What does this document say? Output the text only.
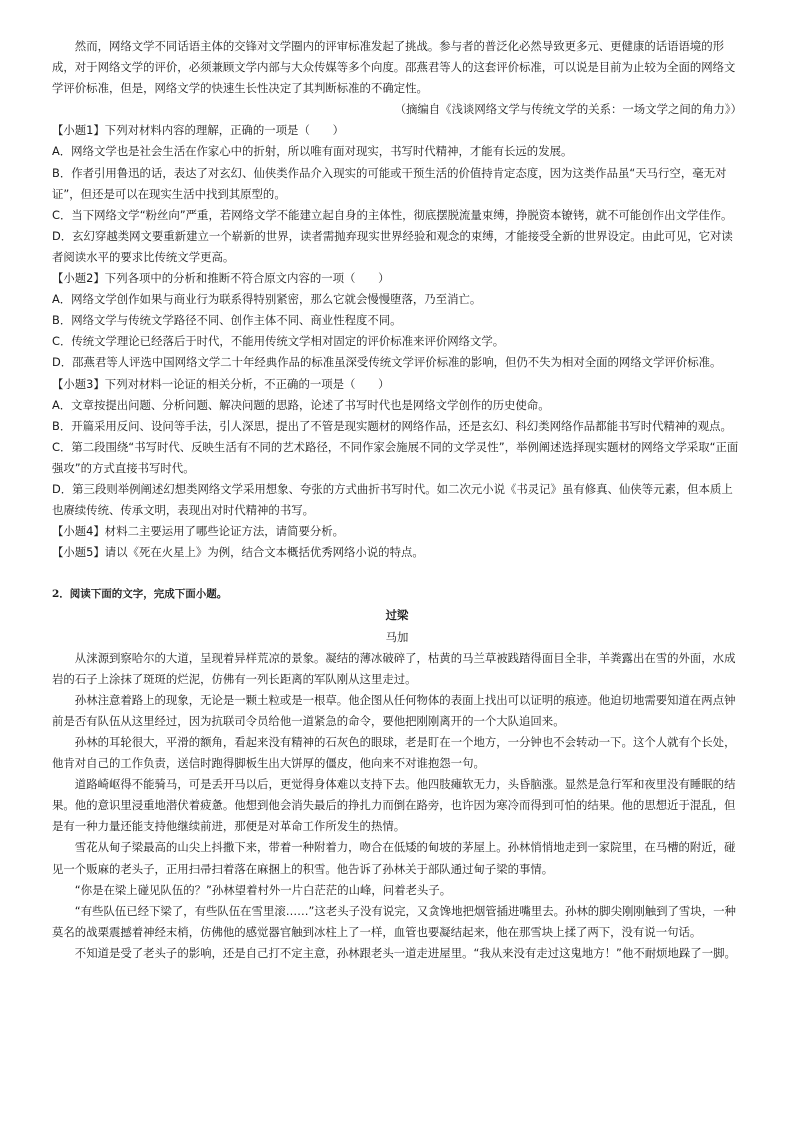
然而，网络文学不同话语主体的交锋对文学圈内的评审标准发起了挑战。参与者的普泛化必然导致更多元、更健康的话语语境的形成，对于网络文学的评价，必须兼顾文学内部与大众传媒等多个向度。邵燕君等人的这套评价标准，可以说是目前为止较为全面的网络文学评价标准，但是，网络文学的快速生长性决定了其判断标准的不确定性。

（摘编自《浅谈网络文学与传统文学的关系：一场文学之间的角力》）

【小题1】下列对材料内容的理解，正确的一项是（　　）

A．网络文学也是社会生活在作家心中的折射，所以唯有面对现实，书写时代精神，才能有长远的发展。

B．作者引用鲁迅的话，表达了对玄幻、仙侠类作品介入现实的可能或干预生活的价值持肯定态度，因为这类作品虽“天马行空，毫无对证”，但还是可以在现实生活中找到其原型的。

C．当下网络文学“粉丝向”严重，若网络文学不能建立起自身的主体性，彻底摆脱流量束缚，挣脱资本镣铐，就不可能创作出文学佳作。

D．玄幻穿越类网文要重新建立一个崭新的世界，读者需抛弃现实世界经验和观念的束缚，才能接受全新的世界设定。由此可见，它对读者阅读水平的要求比传统文学更高。

【小题2】下列各项中的分析和推断不符合原文内容的一项（　　）

A．网络文学创作如果与商业行为联系得特别紧密，那么它就会慢慢堕落，乃至消亡。

B．网络文学与传统文学路径不同、创作主体不同、商业性程度不同。

C．传统文学理论已经落后于时代，不能用传统文学相对固定的评价标准来评价网络文学。

D．邵燕君等人评选中国网络文学二十年经典作品的标准虽深受传统文学评价标准的影响，但仍不失为相对全面的网络文学评价标准。

【小题3】下列对材料一论证的相关分析，不正确的一项是（　　）

A．文章按提出问题、分析问题、解决问题的思路，论述了书写时代也是网络文学创作的历史使命。

B．开篇采用反问、设问等手法，引人深思，提出了不管是现实题材的网络作品，还是玄幻、科幻类网络作品都能书写时代精神的观点。

C．第二段围绕“书写时代、反映生活有不同的艺术路径，不同作家会施展不同的文学灵性”，举例阐述选择现实题材的网络文学采取“正面强攻”的方式直接书写时代。

D．第三段则举例阐述幻想类网络文学采用想象、夸张的方式曲折书写时代。如二次元小说《书灵记》虽有修真、仙侠等元素，但本质上也赓续传统、传承文明，表现出对时代精神的书写。

【小题4】材料二主要运用了哪些论证方法，请简要分析。

【小题5】请以《死在火星上》为例，结合文本概括优秀网络小说的特点。

2．阅读下面的文字，完成下面小题。

过梁

马加

从涞源到察哈尔的大道，呈现着异样荒凉的景象。凝结的薄冰破碎了，枯黄的马兰草被践踏得面目全非，羊粪露出在雪的外面，水成岩的石子上涂抹了斑斑的烂泥，仿佛有一列长距离的军队刚从这里走过。

孙林注意着路上的现象，无论是一颗土粒或是一根草。他企图从任何物体的表面上找出可以证明的痕迹。他迫切地需要知道在两点钟前是否有队伍从这里经过，因为抗联司令员给他一道紧急的命令，要他把刚刚离开的一个大队追回来。

孙林的耳轮很大，平滑的额角，看起来没有精神的石灰色的眼球，老是盯在一个地方，一分钟也不会转动一下。这个人就有个长处，他肯对自己的工作负责，送信时跑得脚板生出大饼厚的僵皮，他向来不对谁抱怨一句。

道路崎岖得不能骑马，可是丢开马以后，更觉得身体难以支持下去。他四肢瘫软无力，头昏脑涨。显然是急行军和夜里没有睡眠的结果。他的意识里浸重地潜伏着疲惫。他想到他会消失最后的挣扎力而倒在路旁，也许因为寒冷而得到可怕的结果。他的思想近于混乱，但是有一种力量还能支持他继续前进，那便是对革命工作所发生的热情。

雪花从甸子梁最高的山尖上抖撒下来，带着一种附着力，吻合在低矮的甸坡的茅屋上。孙林悄悄地走到一家院里，在马槽的附近，碰见一个贩麻的老头子，正用扫帚扫着落在麻捆上的积雪。他告诉了孙林关于部队通过甸子梁的事情。

“你是在梁上碰见队伍的？”孙林望着村外一片白茫茫的山峰，问着老头子。

“有些队伍已经下梁了，有些队伍在雪里滚……”这老头子没有说完，又贪馋地把烟管插进嘴里去。孙林的脚尖刚刚触到了雪块，一种莫名的战栗震撼着神经末梢，仿佛他的感觉器官触到冰柱上了一样，血管也要凝结起来，他在那雪块上揉了两下，没有说一句话。

不知道是受了老头子的影响，还是自己打不定主意，孙林跟老头一道走进屋里。“我从来没有走过这鬼地方！”他不耐烦地跺了一脚。
